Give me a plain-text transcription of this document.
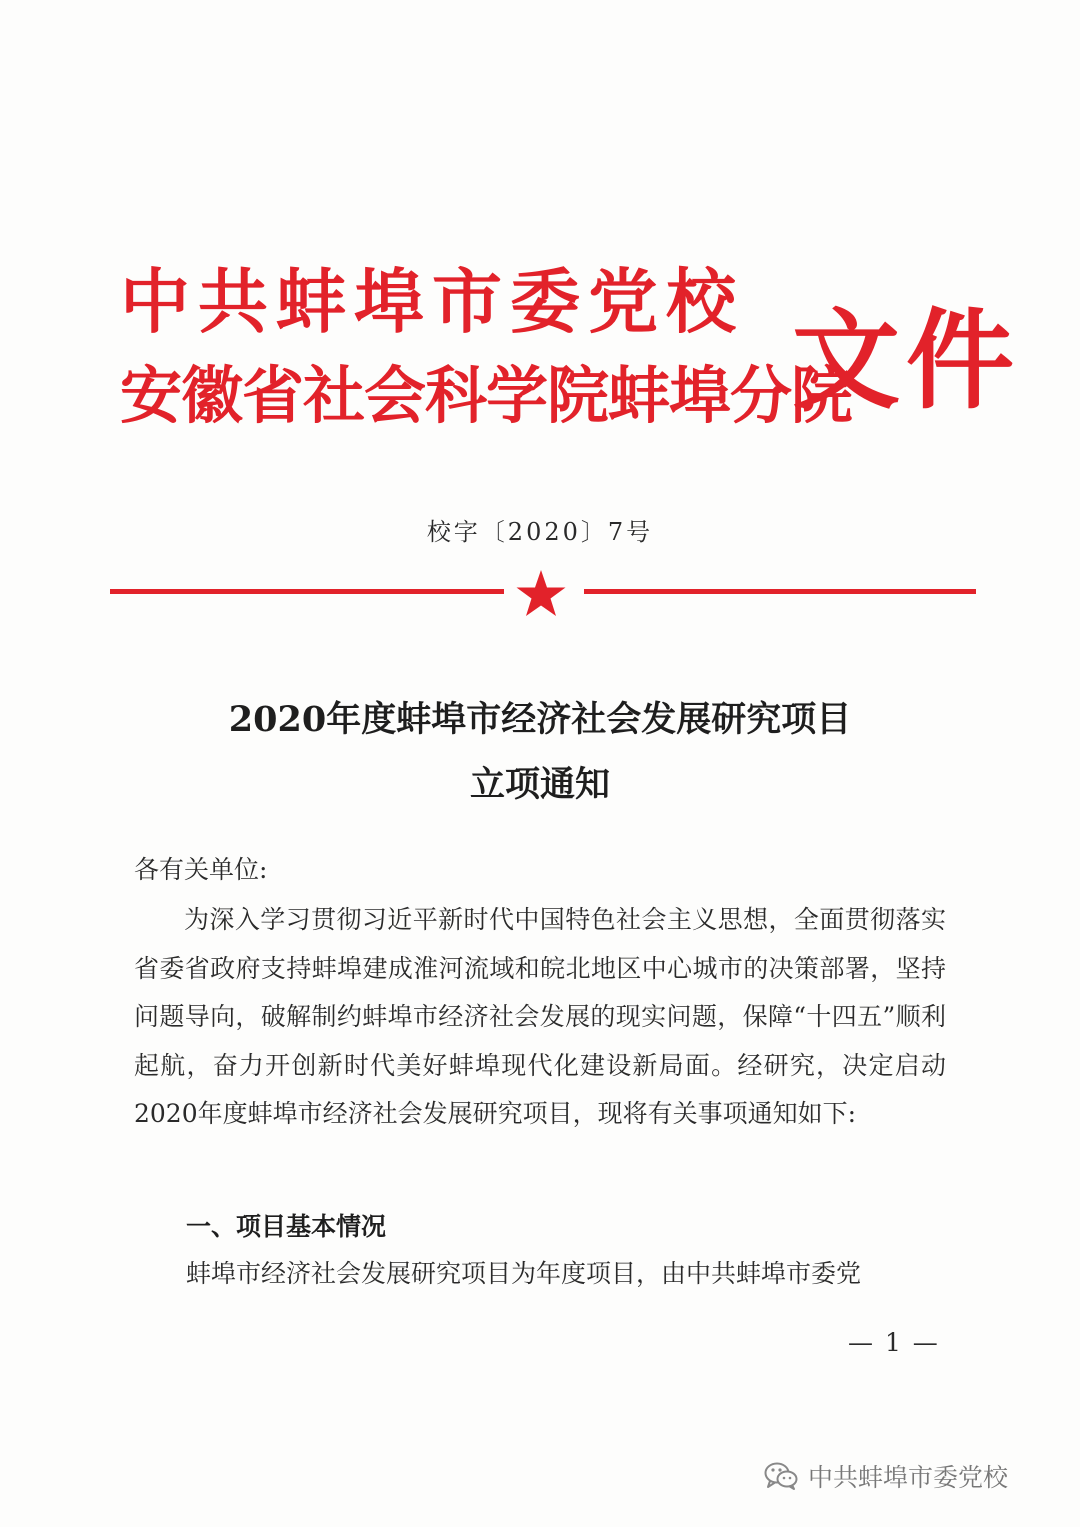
中共蚌埠市委党校
安徽省社会科学院蚌埠分院
文件
校字〔2020〕7号
2020年度蚌埠市经济社会发展研究项目
立项通知
各有关单位:

为深入学习贯彻习近平新时代中国特色社会主义思想，全面贯彻落实省委省政府支持蚌埠建成淮河流域和皖北地区中心城市的决策部署，坚持问题导向，破解制约蚌埠市经济社会发展的现实问题，保障“十四五”顺利起航，奋力开创新时代美好蚌埠现代化建设新局面。经研究，决定启动2020年度蚌埠市经济社会发展研究项目，现将有关事项通知如下:

一、项目基本情况
蚌埠市经济社会发展研究项目为年度项目，由中共蚌埠市委党
— 1 —
中共蚌埠市委党校
